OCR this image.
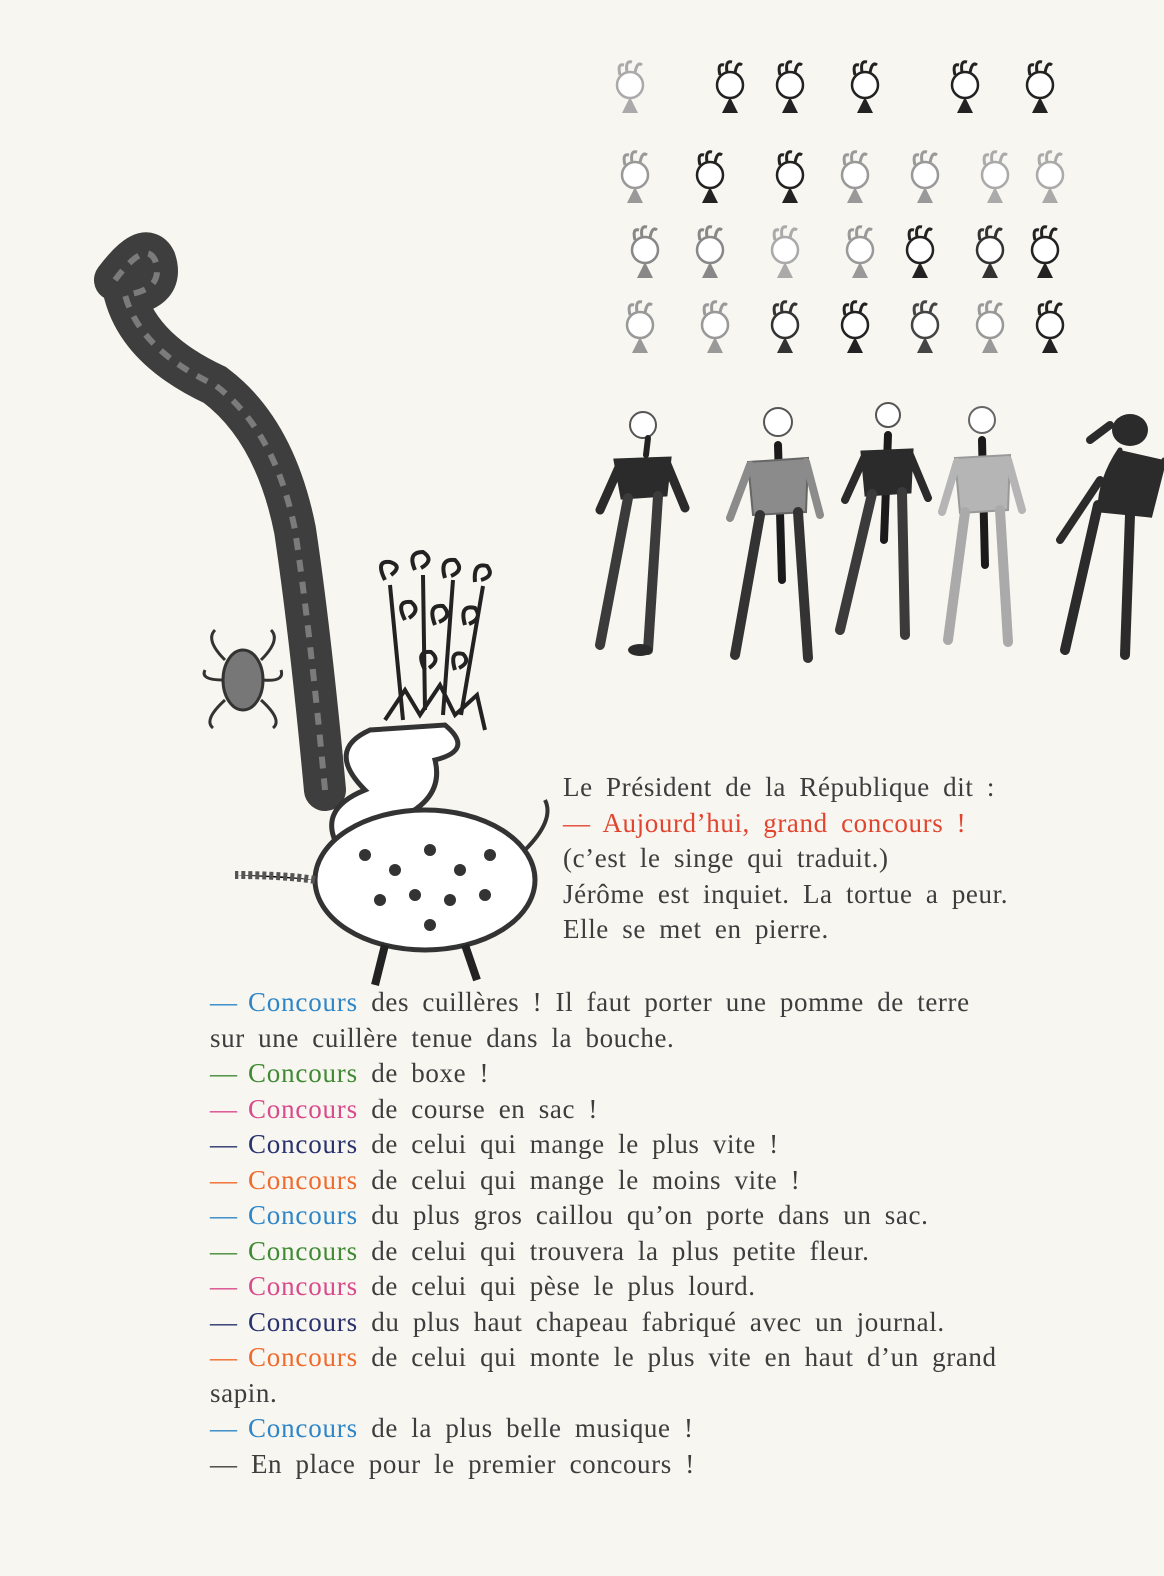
Le Président de la République dit :
— Aujourd’hui, grand concours !
(c’est le singe qui traduit.)
Jérôme est inquiet. La tortue a peur.
Elle se met en pierre.
— Concours des cuillères ! Il faut porter une pomme de terre
sur une cuillère tenue dans la bouche.
— Concours de boxe !
— Concours de course en sac !
— Concours de celui qui mange le plus vite !
— Concours de celui qui mange le moins vite !
— Concours du plus gros caillou qu’on porte dans un sac.
— Concours de celui qui trouvera la plus petite fleur.
— Concours de celui qui pèse le plus lourd.
— Concours du plus haut chapeau fabriqué avec un journal.
— Concours de celui qui monte le plus vite en haut d’un grand
sapin.
— Concours de la plus belle musique !
— En place pour le premier concours !
